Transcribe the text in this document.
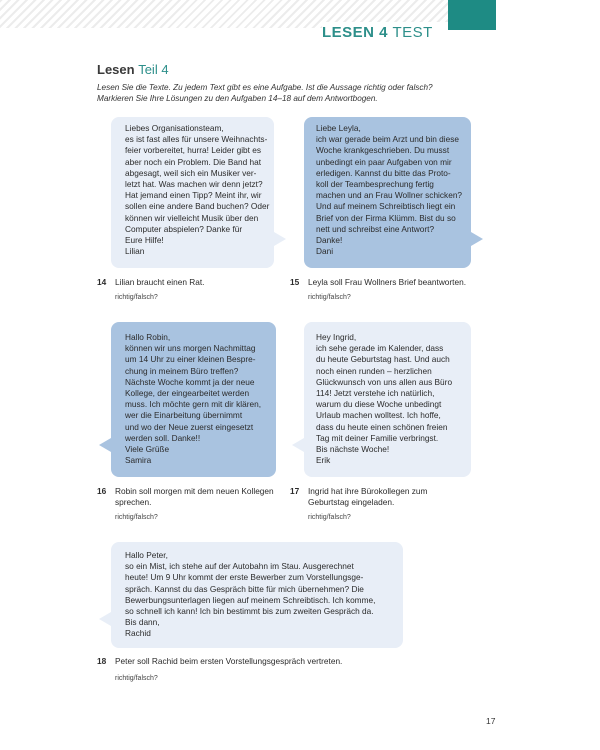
LESEN 4 TEST
Lesen Teil 4
Lesen Sie die Texte. Zu jedem Text gibt es eine Aufgabe. Ist die Aussage richtig oder falsch?
Markieren Sie Ihre Lösungen zu den Aufgaben 14–18 auf dem Antwortbogen.
Liebes Organisationsteam,
es ist fast alles für unsere Weihnachts-
feier vorbereitet, hurra! Leider gibt es
aber noch ein Problem. Die Band hat
abgesagt, weil sich ein Musiker ver-
letzt hat. Was machen wir denn jetzt?
Hat jemand einen Tipp? Meint ihr, wir
sollen eine andere Band buchen? Oder
können wir vielleicht Musik über den
Computer abspielen? Danke für
Eure Hilfe!
Lilian
Liebe Leyla,
ich war gerade beim Arzt und bin diese
Woche krankgeschrieben. Du musst
unbedingt ein paar Aufgaben von mir
erledigen. Kannst du bitte das Proto-
koll der Teambesprechung fertig
machen und an Frau Wollner schicken?
Und auf meinem Schreibtisch liegt ein
Brief von der Firma Klümm. Bist du so
nett und schreibst eine Antwort?
Danke!
Dani
14 Lilian braucht einen Rat.
richtig/falsch?
15 Leyla soll Frau Wollners Brief beantworten.
richtig/falsch?
Hallo Robin,
können wir uns morgen Nachmittag
um 14 Uhr zu einer kleinen Bespre-
chung in meinem Büro treffen?
Nächste Woche kommt ja der neue
Kollege, der eingearbeitet werden
muss. Ich möchte gern mit dir klären,
wer die Einarbeitung übernimmt
und wo der Neue zuerst eingesetzt
werden soll. Danke!!
Viele Grüße
Samira
Hey Ingrid,
ich sehe gerade im Kalender, dass
du heute Geburtstag hast. Und auch
noch einen runden – herzlichen
Glückwunsch von uns allen aus Büro
114! Jetzt verstehe ich natürlich,
warum du diese Woche unbedingt
Urlaub machen wolltest. Ich hoffe,
dass du heute einen schönen freien
Tag mit deiner Familie verbringst.
Bis nächste Woche!
Erik
16 Robin soll morgen mit dem neuen Kollegen
sprechen.
richtig/falsch?
17 Ingrid hat ihre Bürokollegen zum
Geburtstag eingeladen.
richtig/falsch?
Hallo Peter,
so ein Mist, ich stehe auf der Autobahn im Stau. Ausgerechnet
heute! Um 9 Uhr kommt der erste Bewerber zum Vorstellungsge-
spräch. Kannst du das Gespräch bitte für mich übernehmen? Die
Bewerbungsunterlagen liegen auf meinem Schreibtisch. Ich komme,
so schnell ich kann! Ich bin bestimmt bis zum zweiten Gespräch da.
Bis dann,
Rachid
18 Peter soll Rachid beim ersten Vorstellungsgespräch vertreten.
richtig/falsch?
17
